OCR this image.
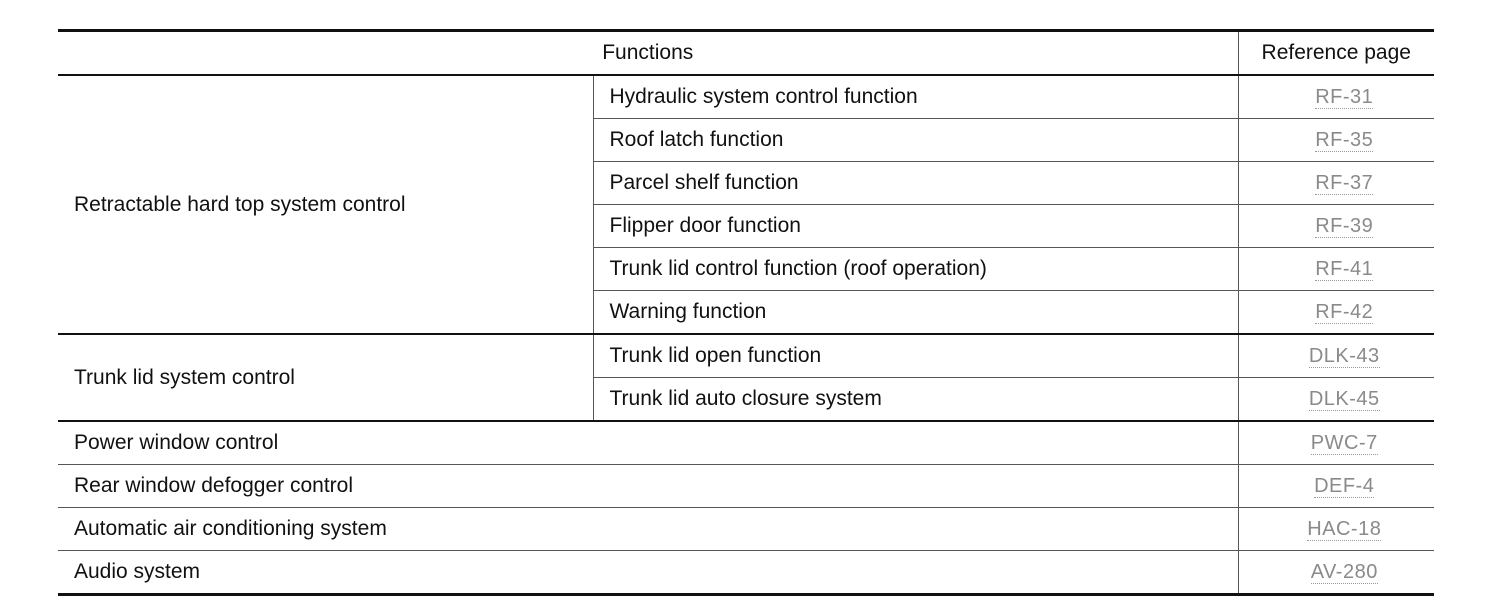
Functions		Reference page
Retractable hard top system control	Hydraulic system control function	RF-31
	Roof latch function	RF-35
	Parcel shelf function	RF-37
	Flipper door function	RF-39
	Trunk lid control function (roof operation)	RF-41
	Warning function	RF-42
Trunk lid system control	Trunk lid open function	DLK-43
	Trunk lid auto closure system	DLK-45
Power window control		PWC-7
Rear window defogger control		DEF-4
Automatic air conditioning system		HAC-18
Audio system		AV-280
